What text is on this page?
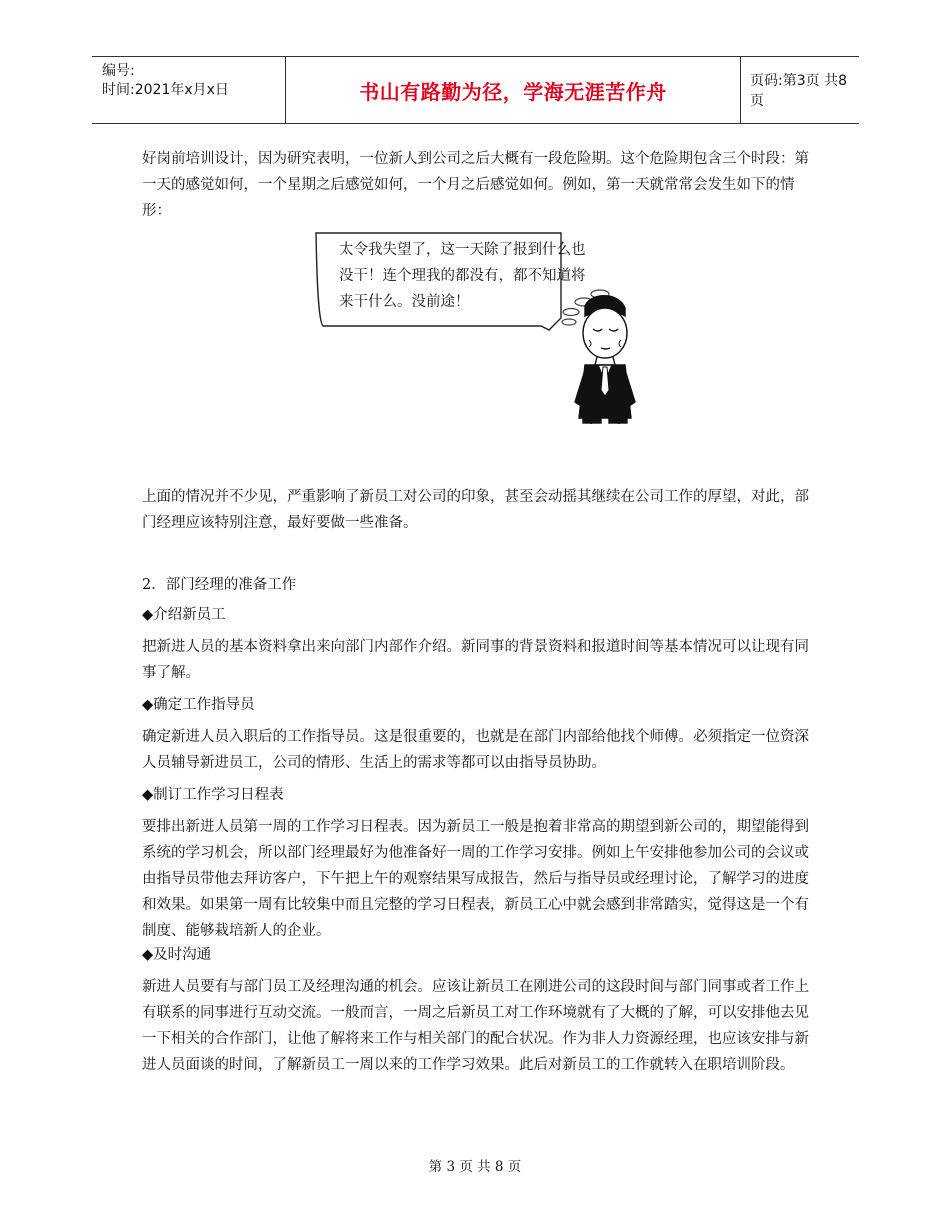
编号:
时间:2021年x月x日	书山有路勤为径，学海无涯苦作舟	页码:第3页 共8页

好岗前培训设计，因为研究表明，一位新人到公司之后大概有一段危险期。这个危险期包含三个时段：第一天的感觉如何，一个星期之后感觉如何，一个月之后感觉如何。例如，第一天就常常会发生如下的情形：

太令我失望了，这一天除了报到什么也没干！连个理我的都没有，都不知道将来干什么。没前途！

上面的情况并不少见，严重影响了新员工对公司的印象，甚至会动摇其继续在公司工作的厚望，对此，部门经理应该特别注意，最好要做一些准备。

2．部门经理的准备工作

◆介绍新员工

把新进人员的基本资料拿出来向部门内部作介绍。新同事的背景资料和报道时间等基本情况可以让现有同事了解。

◆确定工作指导员

确定新进人员入职后的工作指导员。这是很重要的，也就是在部门内部给他找个师傅。必须指定一位资深人员辅导新进员工，公司的情形、生活上的需求等都可以由指导员协助。

◆制订工作学习日程表

要排出新进人员第一周的工作学习日程表。因为新员工一般是抱着非常高的期望到新公司的，期望能得到系统的学习机会，所以部门经理最好为他准备好一周的工作学习安排。例如上午安排他参加公司的会议或由指导员带他去拜访客户，下午把上午的观察结果写成报告，然后与指导员或经理讨论，了解学习的进度和效果。如果第一周有比较集中而且完整的学习日程表，新员工心中就会感到非常踏实，觉得这是一个有制度、能够栽培新人的企业。

◆及时沟通

新进人员要有与部门员工及经理沟通的机会。应该让新员工在刚进公司的这段时间与部门同事或者工作上有联系的同事进行互动交流。一般而言，一周之后新员工对工作环境就有了大概的了解，可以安排他去见一下相关的合作部门，让他了解将来工作与相关部门的配合状况。作为非人力资源经理，也应该安排与新进人员面谈的时间，了解新员工一周以来的工作学习效果。此后对新员工的工作就转入在职培训阶段。

第 3 页 共 8 页
